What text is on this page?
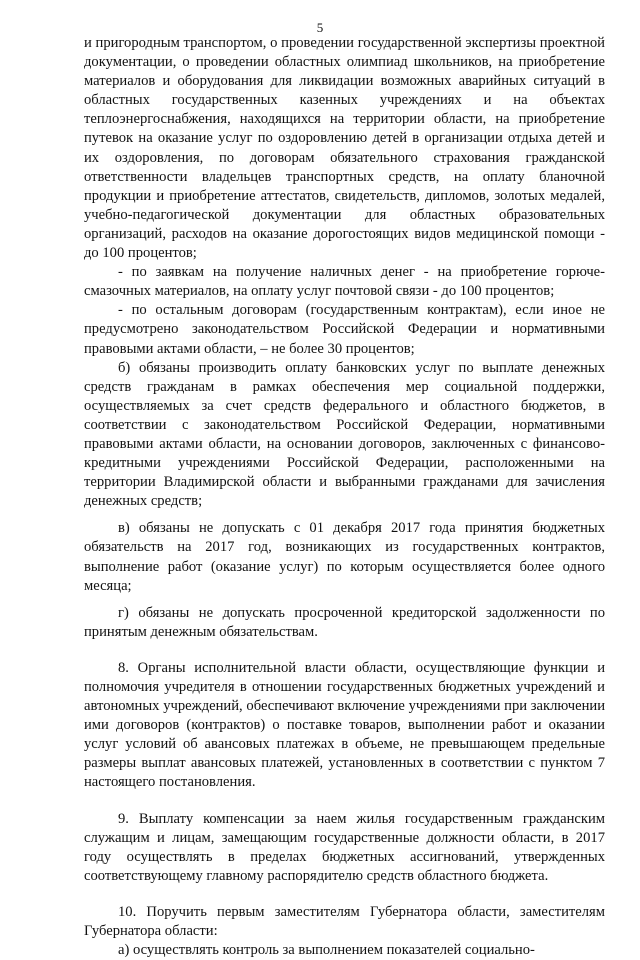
5

и пригородным транспортом, о проведении государственной экспертизы проектной документации, о проведении областных олимпиад школьников, на приобретение материалов и оборудования для ликвидации возможных аварийных ситуаций в областных государственных казенных учреждениях и на объектах теплоэнергоснабжения, находящихся на территории области, на приобретение путевок на оказание услуг по оздоровлению детей в организации отдыха детей и их оздоровления, по договорам обязательного страхования гражданской ответственности владельцев транспортных средств, на оплату бланочной продукции и приобретение аттестатов, свидетельств, дипломов, золотых медалей, учебно-педагогической документации для областных образовательных организаций, расходов на оказание дорогостоящих видов медицинской помощи - до 100 процентов;

- по заявкам на получение наличных денег - на приобретение горюче-смазочных материалов, на оплату услуг почтовой связи - до 100 процентов;

- по остальным договорам (государственным контрактам), если иное не предусмотрено законодательством Российской Федерации и нормативными правовыми актами области, – не более 30 процентов;

б) обязаны производить оплату банковских услуг по выплате денежных средств гражданам в рамках обеспечения мер социальной поддержки, осуществляемых за счет средств федерального и областного бюджетов, в соответствии с законодательством Российской Федерации, нормативными правовыми актами области, на основании договоров, заключенных с финансово-кредитными учреждениями Российской Федерации, расположенными на территории Владимирской области и выбранными гражданами для зачисления денежных средств;

в) обязаны не допускать с 01 декабря 2017 года принятия бюджетных обязательств на 2017 год, возникающих из государственных контрактов, выполнение работ (оказание услуг) по которым осуществляется более одного месяца;

г) обязаны не допускать просроченной кредиторской задолженности по принятым денежным обязательствам.

8. Органы исполнительной власти области, осуществляющие функции и полномочия учредителя в отношении государственных бюджетных учреждений и автономных учреждений, обеспечивают включение учреждениями при заключении ими договоров (контрактов) о поставке товаров, выполнении работ и оказании услуг условий об авансовых платежах в объеме, не превышающем предельные размеры выплат авансовых платежей, установленных в соответствии с пунктом 7 настоящего постановления.

9. Выплату компенсации за наем жилья государственным гражданским служащим и лицам, замещающим государственные должности области, в 2017 году осуществлять в пределах бюджетных ассигнований, утвержденных соответствующему главному распорядителю средств областного бюджета.

10. Поручить первым заместителям Губернатора области, заместителям Губернатора области:

а) осуществлять контроль за выполнением показателей социально-
